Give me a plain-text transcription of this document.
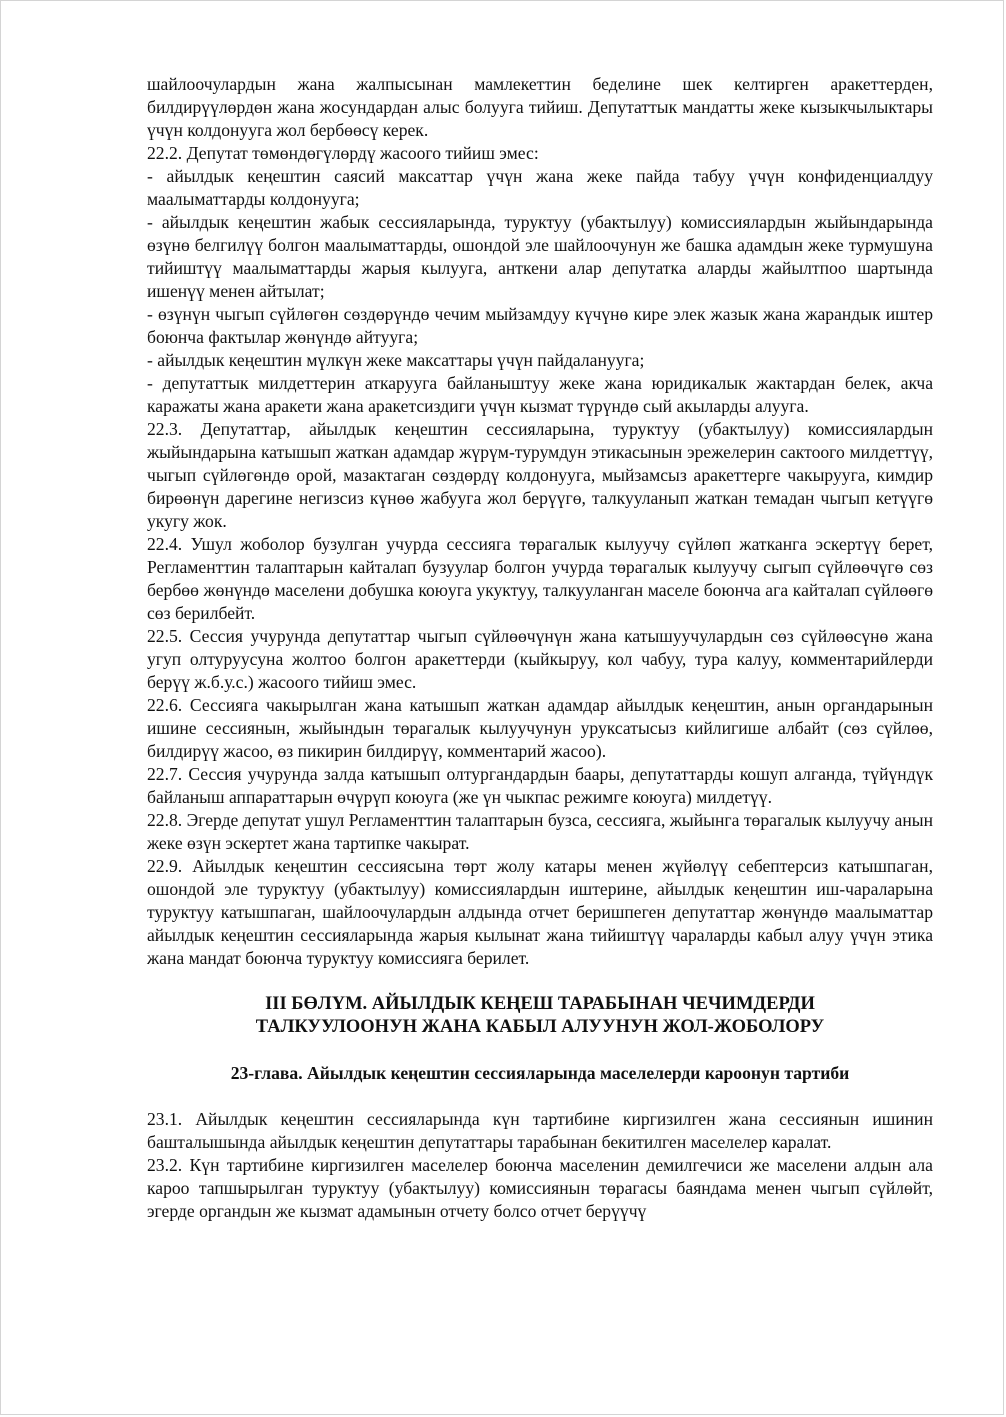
шайлоочулардын жана жалпысынан мамлекеттин беделине шек келтирген аракеттерден, билдирүүлөрдөн жана жосундардан алыс болууга тийиш. Депутаттык мандатты жеке кызыкчылыктары үчүн колдонууга жол бербөөсү керек.

22.2. Депутат төмөндөгүлөрдү жасоого тийиш эмес:

- айылдык кеңештин саясий максаттар үчүн жана жеке пайда табуу үчүн конфиденциалдуу маалыматтарды колдонууга;

- айылдык кеңештин жабык сессияларында, туруктуу (убактылуу) комиссиялардын жыйындарында өзүнө белгилүү болгон маалыматтарды, ошондой эле шайлоочунун же башка адамдын жеке турмушуна тийиштүү маалыматтарды жарыя кылууга, анткени алар депутатка аларды жайылтпоо шартында ишенүү менен айтылат;

- өзүнүн чыгып сүйлөгөн сөздөрүндө чечим мыйзамдуу күчүнө кире элек жазык жана жарандык иштер боюнча фактылар жөнүндө айтууга;

- айылдык кеңештин мүлкүн жеке максаттары үчүн пайдаланууга;

- депутаттык милдеттерин аткарууга байланыштуу жеке жана юридикалык жактардан белек, акча каражаты жана аракети жана аракетсиздиги үчүн кызмат түрүндө сый акыларды алууга.

22.3. Депутаттар, айылдык кеңештин сессияларына, туруктуу (убактылуу) комиссиялардын жыйындарына катышып жаткан адамдар жүрүм-турумдун этикасынын эрежелерин сактоого милдеттүү, чыгып сүйлөгөндө орой, мазактаган сөздөрдү колдонууга, мыйзамсыз аракеттерге чакырууга, кимдир бирөөнүн дарегине негизсиз күнөө жабууга жол берүүгө, талкууланып жаткан темадан чыгып кетүүгө укугу жок.

22.4. Ушул жоболор бузулган учурда сессияга төрагалык кылуучу сүйлөп жатканга эскертүү берет, Регламенттин талаптарын кайталап бузуулар болгон учурда төрагалык кылуучу сыгып сүйлөөчүгө сөз бербөө жөнүндө маселени добушка коюуга укуктуу, талкууланган маселе боюнча ага кайталап сүйлөөгө сөз берилбейт.

22.5. Сессия учурунда депутаттар чыгып сүйлөөчүнүн жана катышуучулардын сөз сүйлөөсүнө жана угуп олтуруусуна жолтоо болгон аракеттерди (кыйкыруу, кол чабуу, тура калуу, комментарийлерди берүү ж.б.у.с.) жасоого тийиш эмес.

22.6. Сессияга чакырылган жана катышып жаткан адамдар айылдык кеңештин, анын органдарынын ишине сессиянын, жыйындын төрагалык кылуучунун уруксатысыз кийлигише албайт (сөз сүйлөө, билдирүү жасоо, өз пикирин билдирүү, комментарий жасоо).

22.7. Сессия учурунда залда катышып олтургандардын баары, депутаттарды кошуп алганда, түйүндүк байланыш аппараттарын өчүрүп коюуга (же үн чыкпас режимге коюуга) милдетүү.

22.8. Эгерде депутат ушул Регламенттин талаптарын бузса, сессияга, жыйынга төрагалык кылуучу анын жеке өзүн эскертет жана тартипке чакырат.

22.9. Айылдык кеңештин сессиясына төрт жолу катары менен жүйөлүү себептерсиз катышпаган, ошондой эле туруктуу (убактылуу) комиссиялардын иштерине, айылдык кеңештин иш-чараларына туруктуу катышпаган, шайлоочулардын алдында отчет беришпеген депутаттар жөнүндө маалыматтар айылдык кеңештин сессияларында жарыя кылынат жана тийиштүү чараларды кабыл алуу үчүн этика жана мандат боюнча туруктуу комиссияга берилет.

III БӨЛҮМ. АЙЫЛДЫК КЕҢЕШ ТАРАБЫНАН ЧЕЧИМДЕРДИ
ТАЛКУУЛООНУН ЖАНА КАБЫЛ АЛУУНУН ЖОЛ-ЖОБОЛОРУ
23-глава. Айылдык кеңештин сессияларында маселелерди кароонун тартиби

23.1. Айылдык кеңештин сессияларында күн тартибине киргизилген жана сессиянын ишинин башталышында айылдык кеңештин депутаттары тарабынан бекитилген маселелер каралат.

23.2. Күн тартибине киргизилген маселелер боюнча маселенин демилгечиси же маселени алдын ала кароо тапшырылган туруктуу (убактылуу) комиссиянын төрагасы баяндама менен чыгып сүйлөйт, эгерде органдын же кызмат адамынын отчету болсо отчет берүүчү
